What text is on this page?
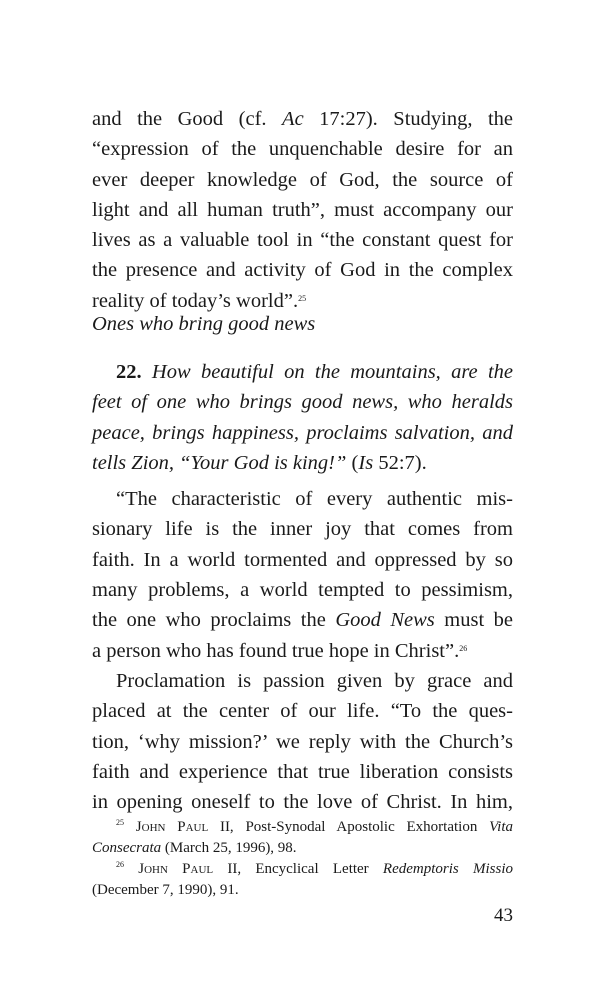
and the Good (cf. Ac 17:27). Studying, the
“expression of the unquenchable desire for an
ever deeper knowledge of God, the source of
light and all human truth”, must accompany our
lives as a valuable tool in “the constant quest for
the presence and activity of God in the complex
reality of today’s world”.$^{25}$
Ones who bring good news
22. How beautiful on the mountains, are the
feet of one who brings good news, who heralds
peace, brings happiness, proclaims salvation, and
tells Zion, “Your God is king!” (Is 52:7).
“The characteristic of every authentic mis-
sionary life is the inner joy that comes from
faith. In a world tormented and oppressed by so
many problems, a world tempted to pessimism,
the one who proclaims the Good News must be
a person who has found true hope in Christ”.$^{26}$
Proclamation is passion given by grace and
placed at the center of our life. “To the ques-
tion, ‘why mission?’ we reply with the Church’s
faith and experience that true liberation consists
in opening oneself to the love of Christ. In him,
$^{25}$ John Paul II, Post-Synodal Apostolic Exhortation Vita
Consecrata (March 25, 1996), 98.
$^{26}$ John Paul II, Encyclical Letter Redemptoris Missio
(December 7, 1990), 91.
43
